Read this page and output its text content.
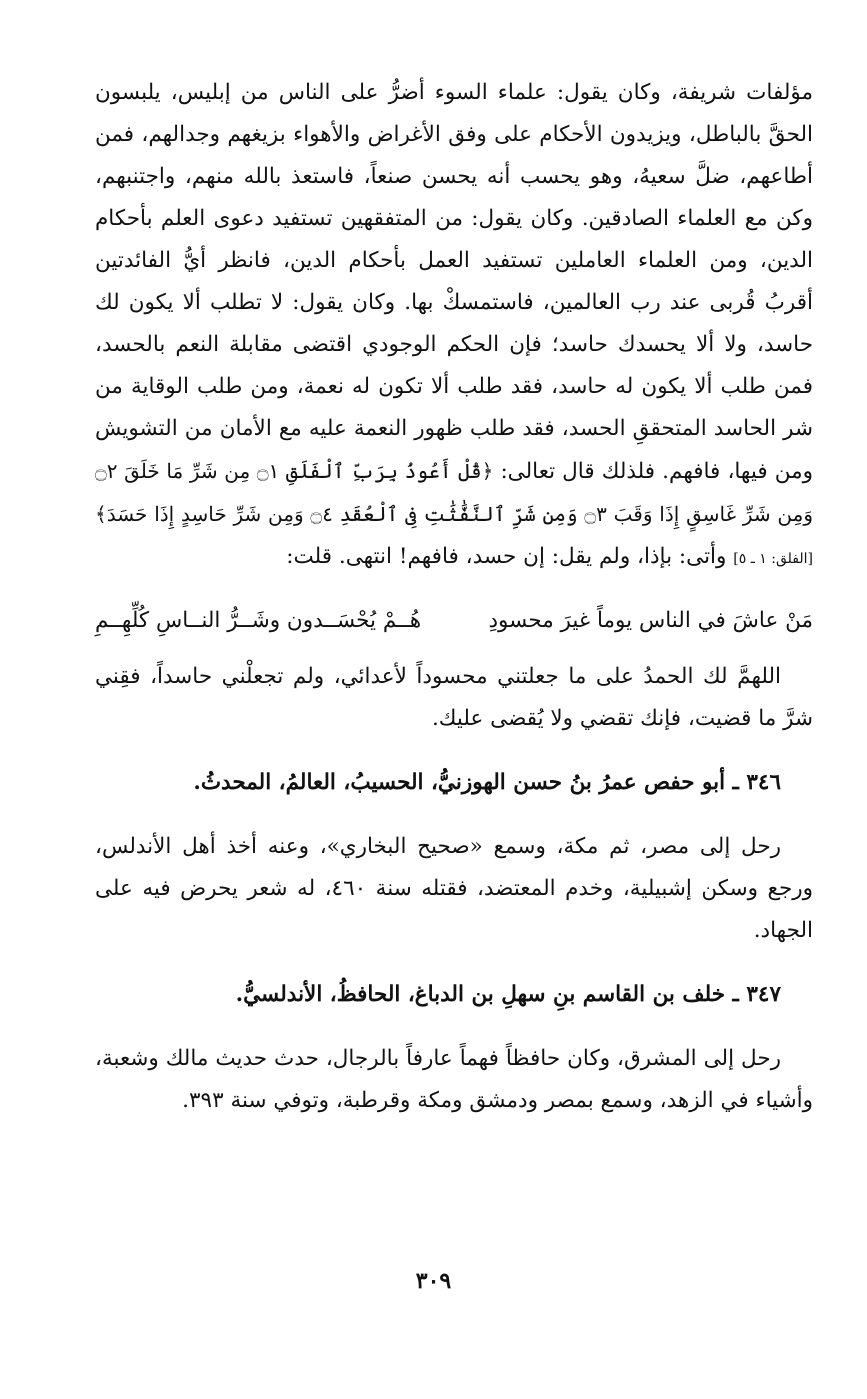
مؤلفات شريفة، وكان يقول: علماء السوء أضرُّ على الناس من إبليس، يلبسون الحقَّ بالباطل، ويزيدون الأحكام على وفق الأغراض والأهواء بزيغهم وجدالهم، فمن أطاعهم، ضلَّ سعيهُ، وهو يحسب أنه يحسن صنعاً، فاستعذ بالله منهم، واجتنبهم، وكن مع العلماء الصادقين. وكان يقول: من المتفقهين تستفيد دعوى العلم بأحكام الدين، ومن العلماء العاملين تستفيد العمل بأحكام الدين، فانظر أيُّ الفائدتين أقربُ قُربى عند رب العالمين، فاستمسكْ بها. وكان يقول: لا تطلب ألا يكون لك حاسد، ولا ألا يحسدك حاسد؛ فإن الحكم الوجودي اقتضى مقابلة النعم بالحسد، فمن طلب ألا يكون له حاسد، فقد طلب ألا تكون له نعمة، ومن طلب الوقاية من شر الحاسد المتحققِ الحسد، فقد طلب ظهور النعمة عليه مع الأمان من التشويش ومن فيها، فافهم. فلذلك قال تعالى: ﴿قُلْ أَعُوذُ بِرَبِّ ٱلْفَلَقِ ۝١ مِن شَرِّ مَا خَلَقَ ۝٢ وَمِن شَرِّ غَاسِقٍ إِذَا وَقَبَ ۝٣ وَمِن شَرِّ ٱلنَّفَّٰثَٰتِ فِى ٱلْعُقَدِ ۝٤ وَمِن شَرِّ حَاسِدٍ إِذَا حَسَدَ﴾ [الفلق: ١ ـ ٥] وأتى: بإذا، ولم يقل: إن حسد، فافهم! انتهى. قلت:

مَنْ عاشَ في الناس يوماً غيرَ محسودِ
هُــمْ يُحْسَــدون وشَــرُّ النــاسِ كُلِّهِــمِ

اللهمَّ لك الحمدُ على ما جعلتني محسوداً لأعدائي، ولم تجعلْني حاسداً، فقِني شرَّ ما قضيت، فإنك تقضي ولا يُقضى عليك.

٣٤٦ ـ أبو حفص عمرُ بنُ حسن الهوزنيُّ، الحسيبُ، العالمُ، المحدثُ.

رحل إلى مصر، ثم مكة، وسمع «صحيح البخاري»، وعنه أخذ أهل الأندلس، ورجع وسكن إشبيلية، وخدم المعتضد، فقتله سنة ٤٦٠، له شعر يحرض فيه على الجهاد.

٣٤٧ ـ خلف بن القاسم بنِ سهلِ بن الدباغ، الحافظُ، الأندلسيُّ.

رحل إلى المشرق، وكان حافظاً فهماً عارفاً بالرجال، حدث حديث مالك وشعبة، وأشياء في الزهد، وسمع بمصر ودمشق ومكة وقرطبة، وتوفي سنة ٣٩٣.

٣٠٩
